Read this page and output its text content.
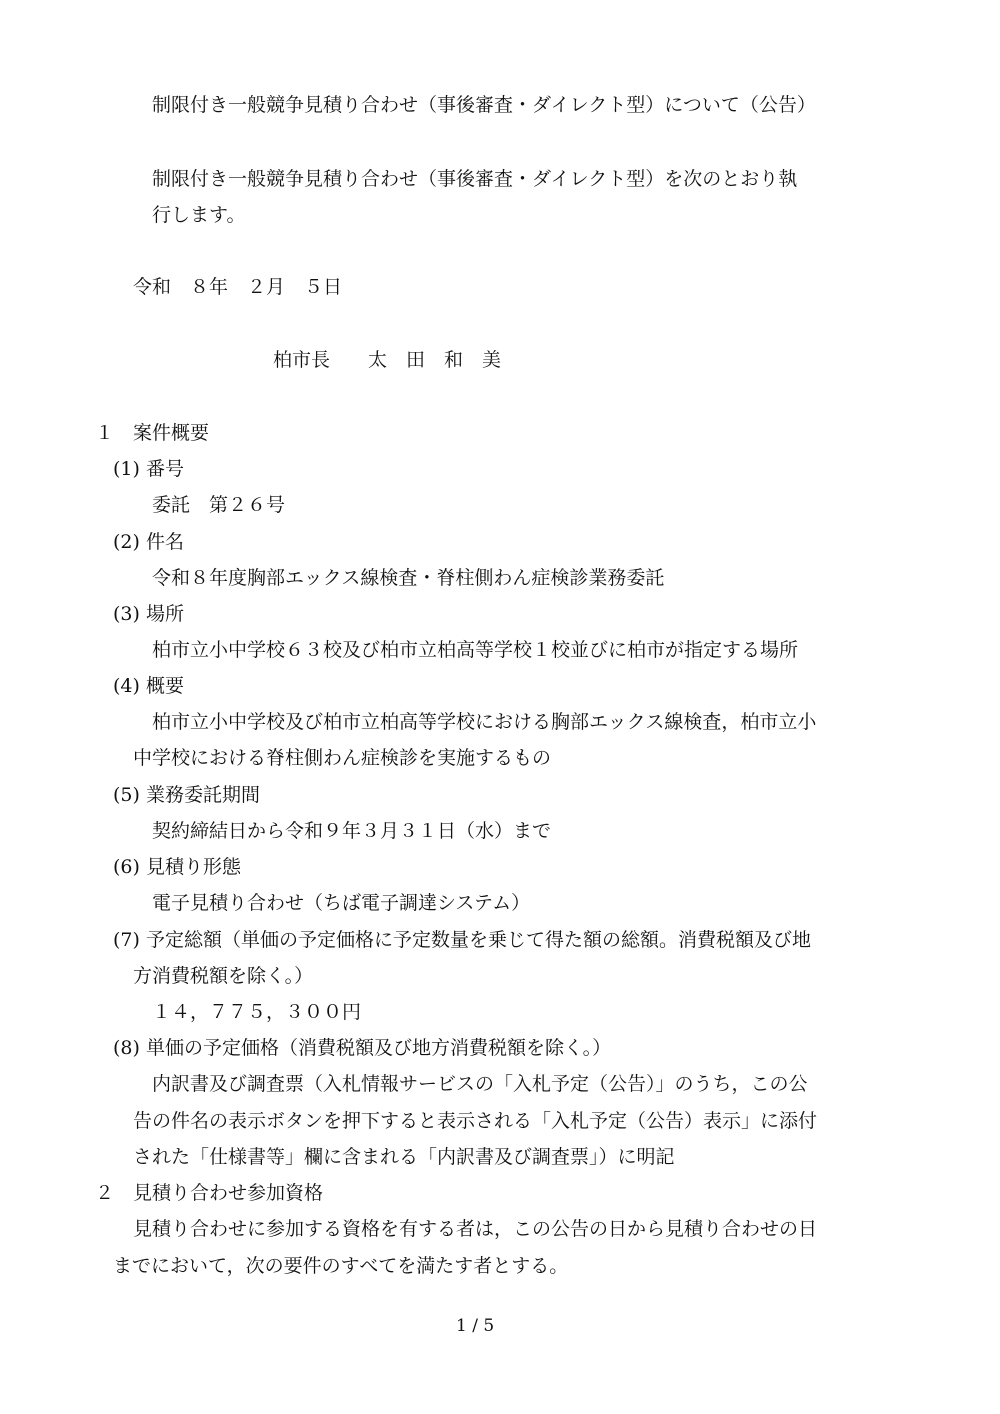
制限付き一般競争見積り合わせ（事後審査・ダイレクト型）について（公告）
制限付き一般競争見積り合わせ（事後審査・ダイレクト型）を次のとおり執
行します。
令和　８年　２月　５日
柏市長　　太　田　和　美
１　案件概要
(1) 番号
委託　第２６号
(2) 件名
令和８年度胸部エックス線検査・脊柱側わん症検診業務委託
(3) 場所
柏市立小中学校６３校及び柏市立柏高等学校１校並びに柏市が指定する場所
(4) 概要
柏市立小中学校及び柏市立柏高等学校における胸部エックス線検査，柏市立小
中学校における脊柱側わん症検診を実施するもの
(5) 業務委託期間
契約締結日から令和９年３月３１日（水）まで
(6) 見積り形態
電子見積り合わせ（ちば電子調達システム）
(7) 予定総額（単価の予定価格に予定数量を乗じて得た額の総額。消費税額及び地
方消費税額を除く。）
１４，７７５，３００円
(8) 単価の予定価格（消費税額及び地方消費税額を除く。）
内訳書及び調査票（入札情報サービスの「入札予定（公告）」のうち，この公
告の件名の表示ボタンを押下すると表示される「入札予定（公告）表示」に添付
された「仕様書等」欄に含まれる「内訳書及び調査票」）に明記
２　見積り合わせ参加資格
見積り合わせに参加する資格を有する者は，この公告の日から見積り合わせの日
までにおいて，次の要件のすべてを満たす者とする。
1 / 5
